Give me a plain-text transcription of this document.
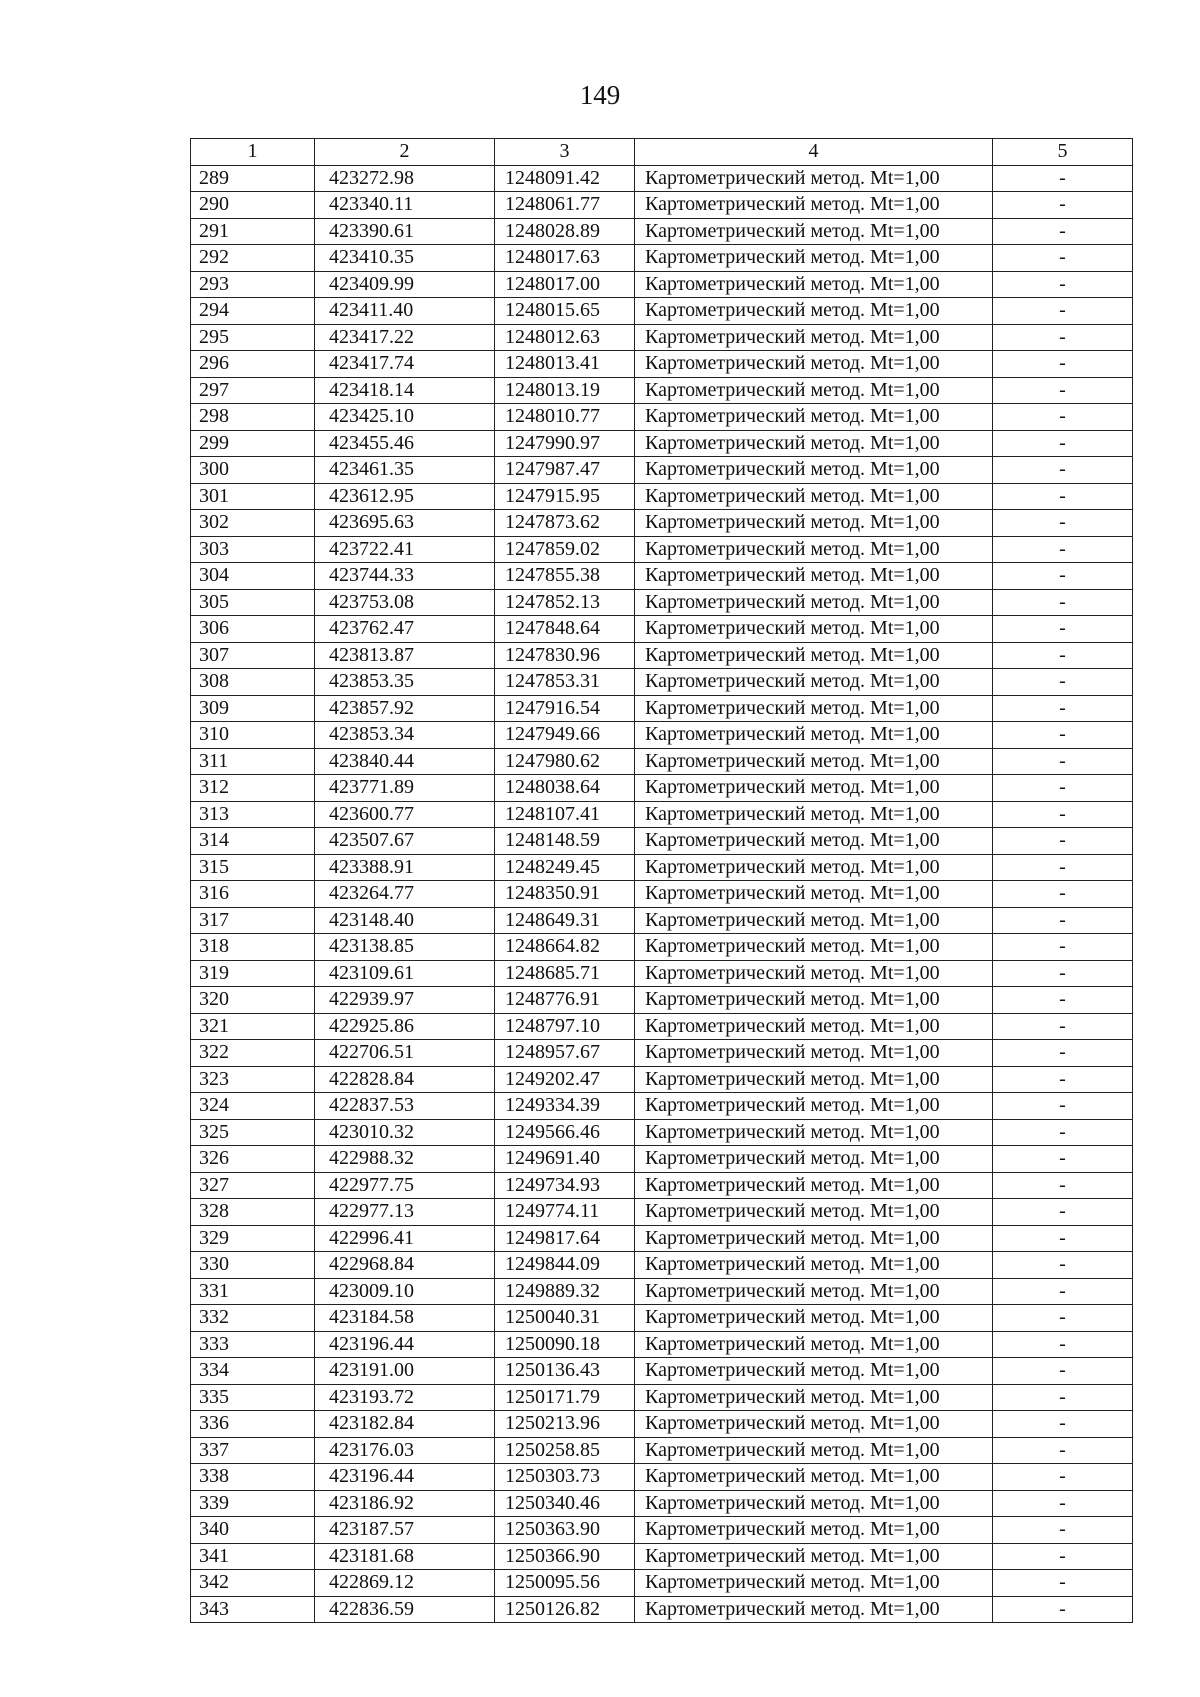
149
1	2	3	4	5
289	423272.98	1248091.42	Картометрический метод. Mt=1,00	-
290	423340.11	1248061.77	Картометрический метод. Mt=1,00	-
291	423390.61	1248028.89	Картометрический метод. Mt=1,00	-
292	423410.35	1248017.63	Картометрический метод. Mt=1,00	-
293	423409.99	1248017.00	Картометрический метод. Mt=1,00	-
294	423411.40	1248015.65	Картометрический метод. Mt=1,00	-
295	423417.22	1248012.63	Картометрический метод. Mt=1,00	-
296	423417.74	1248013.41	Картометрический метод. Mt=1,00	-
297	423418.14	1248013.19	Картометрический метод. Mt=1,00	-
298	423425.10	1248010.77	Картометрический метод. Mt=1,00	-
299	423455.46	1247990.97	Картометрический метод. Mt=1,00	-
300	423461.35	1247987.47	Картометрический метод. Mt=1,00	-
301	423612.95	1247915.95	Картометрический метод. Mt=1,00	-
302	423695.63	1247873.62	Картометрический метод. Mt=1,00	-
303	423722.41	1247859.02	Картометрический метод. Mt=1,00	-
304	423744.33	1247855.38	Картометрический метод. Mt=1,00	-
305	423753.08	1247852.13	Картометрический метод. Mt=1,00	-
306	423762.47	1247848.64	Картометрический метод. Mt=1,00	-
307	423813.87	1247830.96	Картометрический метод. Mt=1,00	-
308	423853.35	1247853.31	Картометрический метод. Mt=1,00	-
309	423857.92	1247916.54	Картометрический метод. Mt=1,00	-
310	423853.34	1247949.66	Картометрический метод. Mt=1,00	-
311	423840.44	1247980.62	Картометрический метод. Mt=1,00	-
312	423771.89	1248038.64	Картометрический метод. Mt=1,00	-
313	423600.77	1248107.41	Картометрический метод. Mt=1,00	-
314	423507.67	1248148.59	Картометрический метод. Mt=1,00	-
315	423388.91	1248249.45	Картометрический метод. Mt=1,00	-
316	423264.77	1248350.91	Картометрический метод. Mt=1,00	-
317	423148.40	1248649.31	Картометрический метод. Mt=1,00	-
318	423138.85	1248664.82	Картометрический метод. Mt=1,00	-
319	423109.61	1248685.71	Картометрический метод. Mt=1,00	-
320	422939.97	1248776.91	Картометрический метод. Mt=1,00	-
321	422925.86	1248797.10	Картометрический метод. Mt=1,00	-
322	422706.51	1248957.67	Картометрический метод. Mt=1,00	-
323	422828.84	1249202.47	Картометрический метод. Mt=1,00	-
324	422837.53	1249334.39	Картометрический метод. Mt=1,00	-
325	423010.32	1249566.46	Картометрический метод. Mt=1,00	-
326	422988.32	1249691.40	Картометрический метод. Mt=1,00	-
327	422977.75	1249734.93	Картометрический метод. Mt=1,00	-
328	422977.13	1249774.11	Картометрический метод. Mt=1,00	-
329	422996.41	1249817.64	Картометрический метод. Mt=1,00	-
330	422968.84	1249844.09	Картометрический метод. Mt=1,00	-
331	423009.10	1249889.32	Картометрический метод. Mt=1,00	-
332	423184.58	1250040.31	Картометрический метод. Mt=1,00	-
333	423196.44	1250090.18	Картометрический метод. Mt=1,00	-
334	423191.00	1250136.43	Картометрический метод. Mt=1,00	-
335	423193.72	1250171.79	Картометрический метод. Mt=1,00	-
336	423182.84	1250213.96	Картометрический метод. Mt=1,00	-
337	423176.03	1250258.85	Картометрический метод. Mt=1,00	-
338	423196.44	1250303.73	Картометрический метод. Mt=1,00	-
339	423186.92	1250340.46	Картометрический метод. Mt=1,00	-
340	423187.57	1250363.90	Картометрический метод. Mt=1,00	-
341	423181.68	1250366.90	Картометрический метод. Mt=1,00	-
342	422869.12	1250095.56	Картометрический метод. Mt=1,00	-
343	422836.59	1250126.82	Картометрический метод. Mt=1,00	-
